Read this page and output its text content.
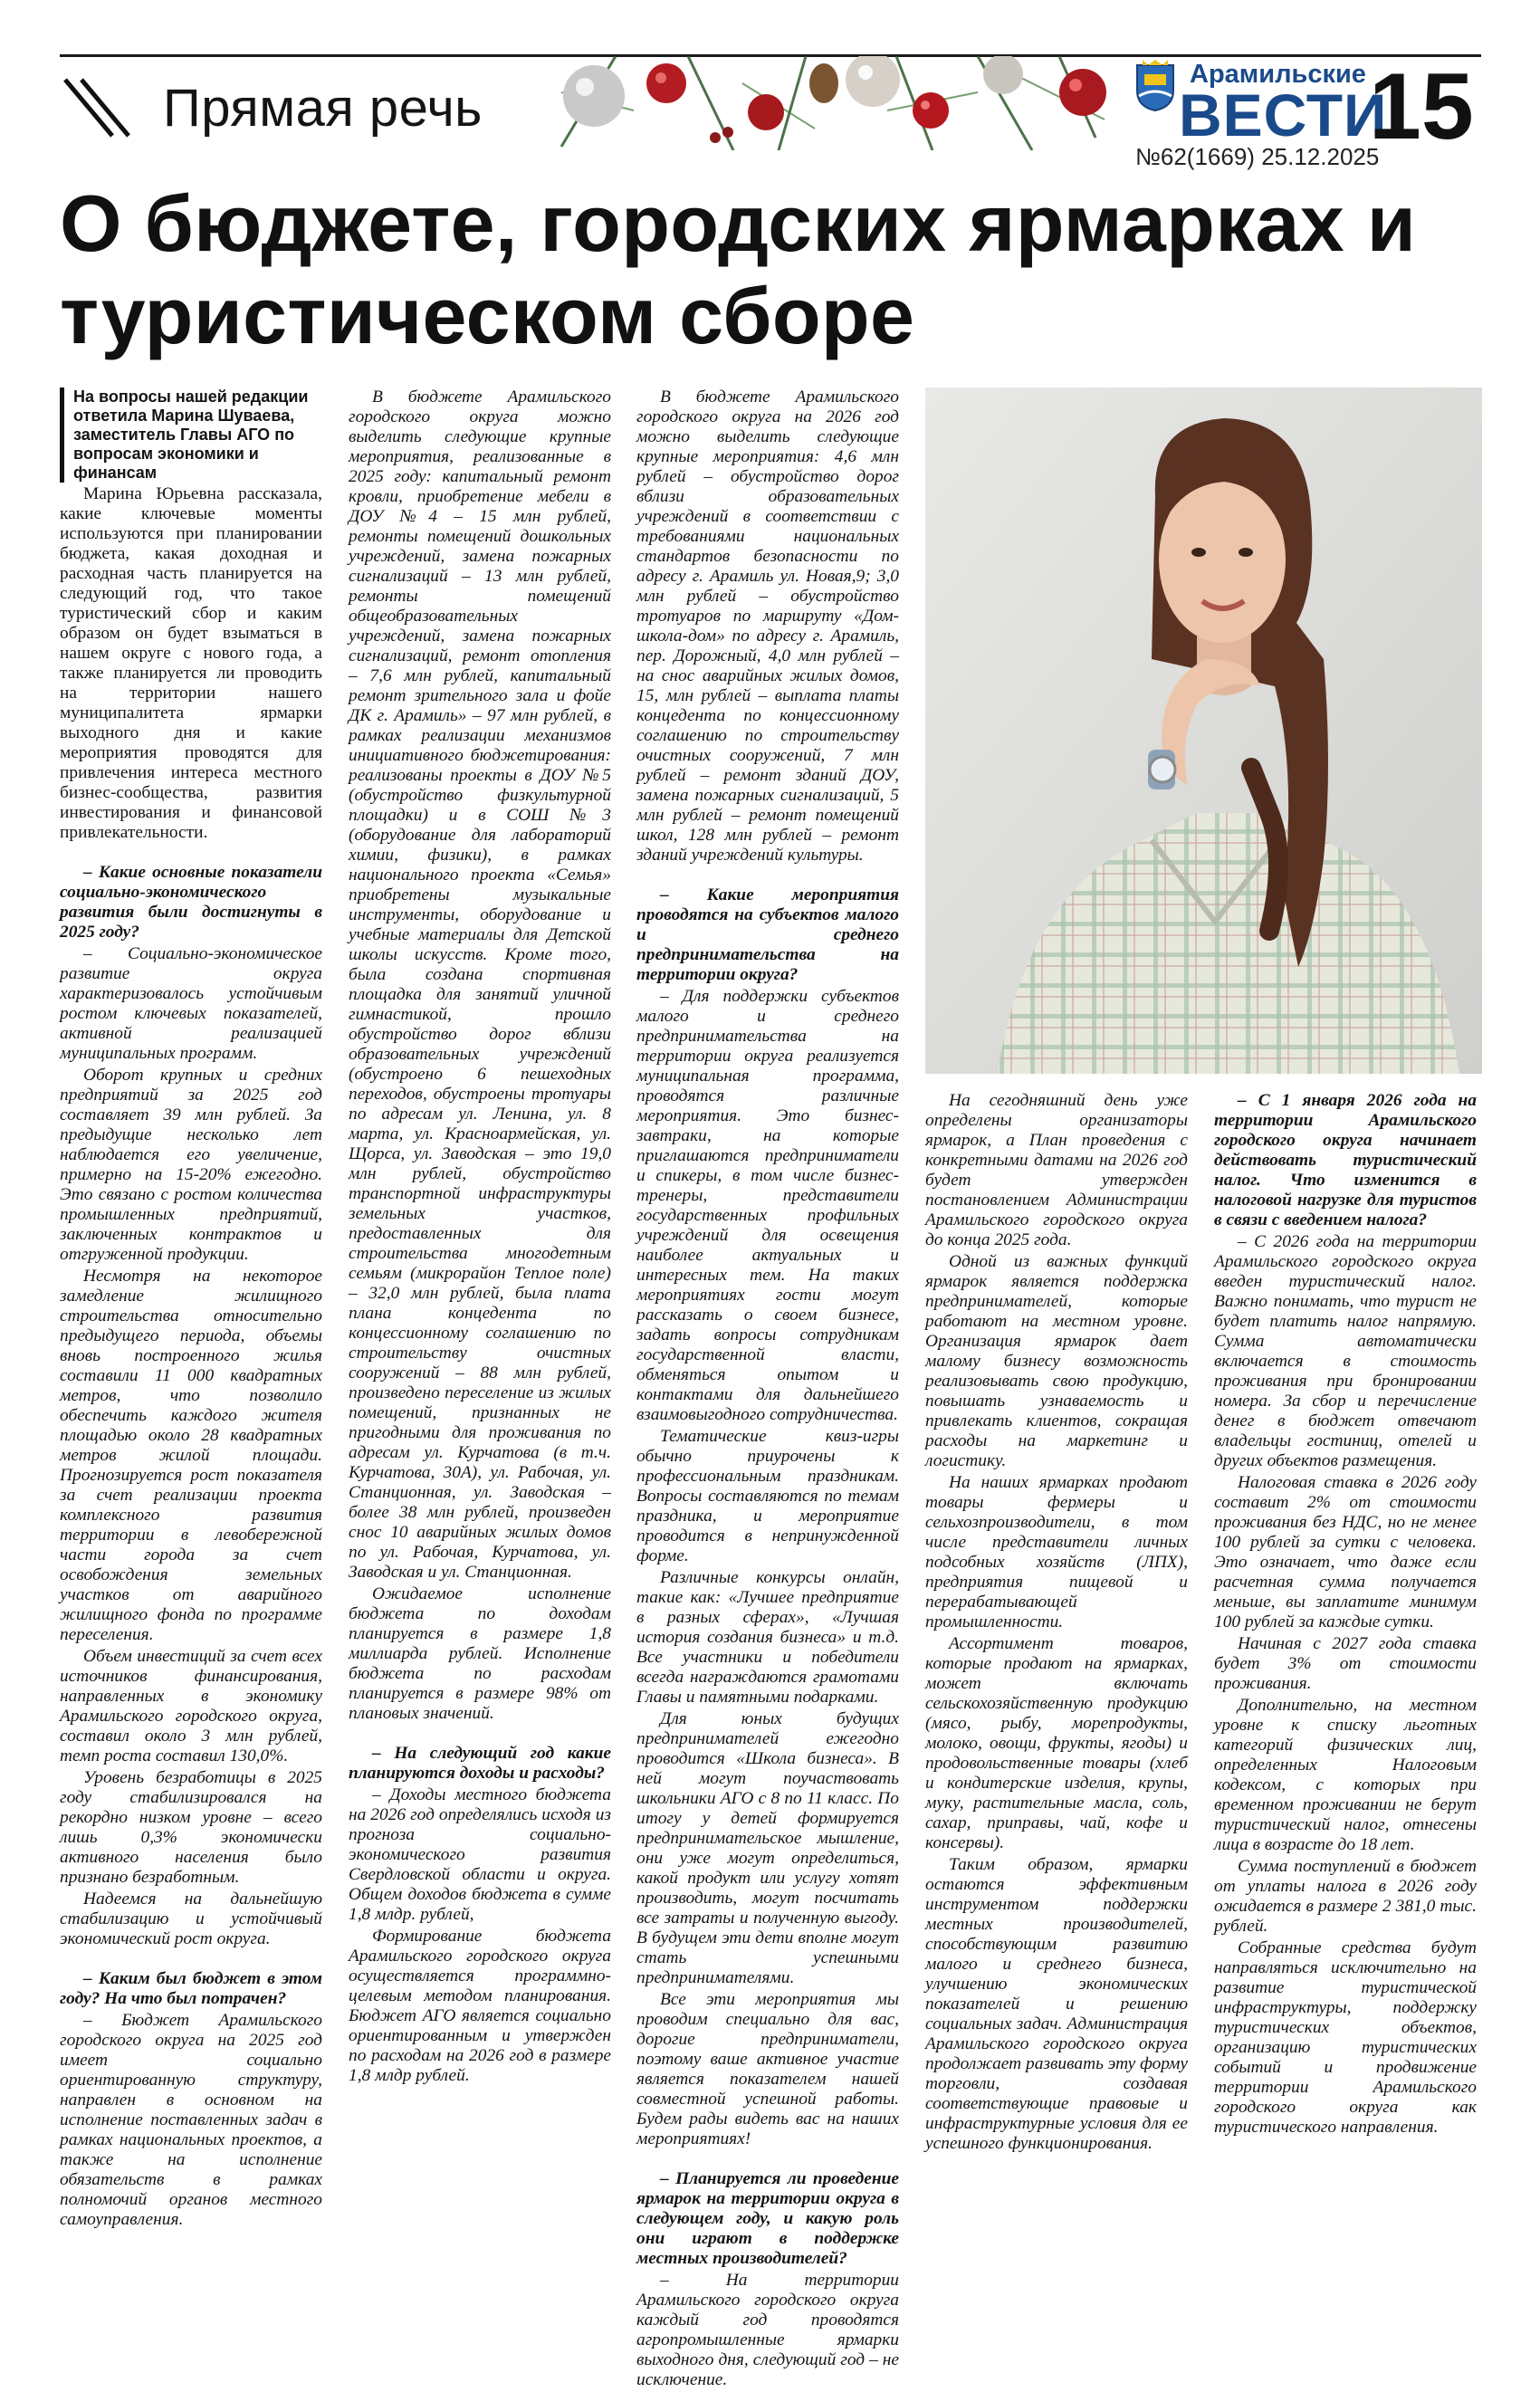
Прямая речь
Арамильские
ВЕСТИ
№62(1669) 25.12.2025
15
О бюджете, городских ярмарках и туристическом сборе

На вопросы нашей редакции ответила Марина Шуваева, заместитель Главы АГО по вопросам экономики и финансам

Марина Юрьевна рассказала, какие ключевые моменты используются при планировании бюджета, какая доходная и расходная часть планируется на следующий год, что такое туристический сбор и каким образом он будет взыматься в нашем округе с нового года, а также планируется ли проводить на территории нашего муниципалитета ярмарки выходного дня и какие мероприятия проводятся для привлечения интереса местного бизнес-сообщества, развития инвестирования и финансовой привлекательности.

– Какие основные показатели социально-экономического развития были достигнуты в 2025 году?

– Социально-экономическое развитие округа характеризовалось устойчивым ростом ключевых показателей, активной реализацией муниципальных программ.

Оборот крупных и средних предприятий за 2025 год составляет 39 млн рублей. За предыдущие несколько лет наблюдается его увеличение, примерно на 15-20% ежегодно. Это связано с ростом количества промышленных предприятий, заключенных контрактов и отгруженной продукции.

Несмотря на некоторое замедление жилищного строительства относительно предыдущего периода, объемы вновь построенного жилья составили 11 000 квадратных метров, что позволило обеспечить каждого жителя площадью около 28 квадратных метров жилой площади. Прогнозируется рост показателя за счет реализации проекта комплексного развития территории в левобережной части города за счет освобождения земельных участков от аварийного жилищного фонда по программе переселения.

Объем инвестиций за счет всех источников финансирования, направленных в экономику Арамильского городского округа, составил около 3 млн рублей, темп роста составил 130,0%.

Уровень безработицы в 2025 году стабилизировался на рекордно низком уровне – всего лишь 0,3% экономически активного населения было признано безработным.

Надеемся на дальнейшую стабилизацию и устойчивый экономический рост округа.

– Каким был бюджет в этом году? На что был потрачен?

– Бюджет Арамильского городского округа на 2025 год имеет социально ориентированную структуру, направлен в основном на исполнение поставленных задач в рамках национальных проектов, а также на исполнение обязательств в рамках полномочий органов местного самоуправления.

В бюджете Арамильского городского округа можно выделить следующие крупные мероприятия, реализованные в 2025 году: капитальный ремонт кровли, приобретение мебели в ДОУ №4 – 15 млн рублей, ремонты помещений дошкольных учреждений, замена пожарных сигнализаций – 13 млн рублей, ремонты помещений общеобразовательных учреждений, замена пожарных сигнализаций, ремонт отопления – 7,6 млн рублей, капитальный ремонт зрительного зала и фойе ДК г. Арамиль» – 97 млн рублей, в рамках реализации механизмов инициативного бюджетирования: реализованы проекты в ДОУ №5 (обустройство физкультурной площадки) и в СОШ №3 (оборудование для лабораторий химии, физики), в рамках национального проекта «Семья» приобретены музыкальные инструменты, оборудование и учебные материалы для Детской школы искусств. Кроме того, была создана спортивная площадка для занятий уличной гимнастикой, прошло обустройство дорог вблизи образовательных учреждений (обустроено 6 пешеходных переходов, обустроены тротуары по адресам ул. Ленина, ул. 8 марта, ул. Красноармейская, ул. Щорса, ул. Заводская – это 19,0 млн рублей, обустройство транспортной инфраструктуры земельных участков, предоставленных для строительства многодетным семьям (микрорайон Теплое поле) – 32,0 млн рублей, была плата плана концедента по концессионному соглашению по строительству очистных сооружений – 88 млн рублей, произведено переселение из жилых помещений, признанных не пригодными для проживания по адресам ул. Курчатова (в т.ч. Курчатова, 30А), ул. Рабочая, ул. Станционная, ул. Заводская – более 38 млн рублей, произведен снос 10 аварийных жилых домов по ул. Рабочая, Курчатова, ул. Заводская и ул. Станционная.

Ожидаемое исполнение бюджета по доходам планируется в размере 1,8 миллиарда рублей. Исполнение бюджета по расходам планируется в размере 98% от плановых значений.

– На следующий год какие планируются доходы и расходы?

– Доходы местного бюджета на 2026 год определялись исходя из прогноза социально-экономического развития Свердловской области и округа. Общем доходов бюджета в сумме 1,8 млдр. рублей,

Формирование бюджета Арамильского городского округа осуществляется программно-целевым методом планирования. Бюджет АГО является социально ориентированным и утвержден по расходам на 2026 год в размере 1,8 млдр рублей.

В бюджете Арамильского городского округа на 2026 год можно выделить следующие крупные мероприятия: 4,6 млн рублей – обустройство дорог вблизи образовательных учреждений в соответствии с требованиями национальных стандартов безопасности по адресу г. Арамиль ул. Новая,9; 3,0 млн рублей – обустройство тротуаров по маршруту «Дом-школа-дом» по адресу г. Арамиль, пер. Дорожный, 4,0 млн рублей – на снос аварийных жилых домов, 15, млн рублей – выплата платы концедента по концессионному соглашению по строительству очистных сооружений, 7 млн рублей – ремонт зданий ДОУ, замена пожарных сигнализаций, 5 млн рублей – ремонт помещений школ, 128 млн рублей – ремонт зданий учреждений культуры.

– Какие мероприятия проводятся на субъектов малого и среднего предпринимательства на территории округа?

– Для поддержки субъектов малого и среднего предпринимательства на территории округа реализуется муниципальная программа, проводятся различные мероприятия. Это бизнес-завтраки, на которые приглашаются предприниматели и спикеры, в том числе бизнес-тренеры, представители государственных профильных учреждений для освещения наиболее актуальных и интересных тем. На таких мероприятиях гости могут рассказать о своем бизнесе, задать вопросы сотрудникам государственной власти, обменяться опытом и контактами для дальнейшего взаимовыгодного сотрудничества.

Тематические квиз-игры обычно приурочены к профессиональным праздникам. Вопросы составляются по темам праздника, и мероприятие проводится в непринужденной форме.

Различные конкурсы онлайн, такие как: «Лучшее предприятие в разных сферах», «Лучшая история создания бизнеса» и т.д. Все участники и победители всегда награждаются грамотами Главы и памятными подарками.

Для юных будущих предпринимателей ежегодно проводится «Школа бизнеса». В ней могут поучаствовать школьники АГО с 8 по 11 класс. По итогу у детей формируется предпринимательское мышление, они уже могут определиться, какой продукт или услугу хотят производить, могут посчитать все затраты и полученную выгоду. В будущем эти дети вполне могут стать успешными предпринимателями.

Все эти мероприятия мы проводим специально для вас, дорогие предприниматели, поэтому ваше активное участие является показателем нашей совместной успешной работы. Будем рады видеть вас на наших мероприятиях!

– Планируется ли проведение ярмарок на территории округа в следующем году, и какую роль они играют в поддержке местных производителей?

– На территории Арамильского городского округа каждый год проводятся агропромышленные ярмарки выходного дня, следующий год – не исключение.

На сегодняшний день уже определены организаторы ярмарок, а План проведения с конкретными датами на 2026 год будет утвержден постановлением Администрации Арамильского городского округа до конца 2025 года.

Одной из важных функций ярмарок является поддержка предпринимателей, которые работают на местном уровне. Организация ярмарок дает малому бизнесу возможность реализовывать свою продукцию, повышать узнаваемость и привлекать клиентов, сокращая расходы на маркетинг и логистику.

На наших ярмарках продают товары фермеры и сельхозпроизводители, в том числе представители личных подсобных хозяйств (ЛПХ), предприятия пищевой и перерабатывающей промышленности.

Ассортимент товаров, которые продают на ярмарках, может включать сельскохозяйственную продукцию (мясо, рыбу, морепродукты, молоко, овощи, фрукты, ягоды) и продовольственные товары (хлеб и кондитерские изделия, крупы, муку, растительные масла, соль, сахар, приправы, чай, кофе и консервы).

Таким образом, ярмарки остаются эффективным инструментом поддержки местных производителей, способствующим развитию малого и среднего бизнеса, улучшению экономических показателей и решению социальных задач. Администрация Арамильского городского округа продолжает развивать эту форму торговли, создавая соответствующие правовые и инфраструктурные условия для ее успешного функционирования.

– С 1 января 2026 года на территории Арамильского городского округа начинает действовать туристический налог. Что изменится в налоговой нагрузке для туристов в связи с введением налога?

– С 2026 года на территории Арамильского городского округа введен туристический налог. Важно понимать, что турист не будет платить налог напрямую. Сумма автоматически включается в стоимость проживания при бронировании номера. За сбор и перечисление денег в бюджет отвечают владельцы гостиниц, отелей и других объектов размещения.

Налоговая ставка в 2026 году составит 2% от стоимости проживания без НДС, но не менее 100 рублей за сутки с человека. Это означает, что даже если расчетная сумма получается меньше, вы заплатите минимум 100 рублей за каждые сутки.

Начиная с 2027 года ставка будет 3% от стоимости проживания.

Дополнительно, на местном уровне к списку льготных категорий физических лиц, определенных Налоговым кодексом, с которых при временном проживании не берут туристический налог, отнесены лица в возрасте до 18 лет.

Сумма поступлений в бюджет от уплаты налога в 2026 году ожидается в размере 2 381,0 тыс. рублей.

Собранные средства будут направляться исключительно на развитие туристической инфраструктуры, поддержку туристических объектов, организацию туристических событий и продвижение территории Арамильского городского округа как туристического направления.
